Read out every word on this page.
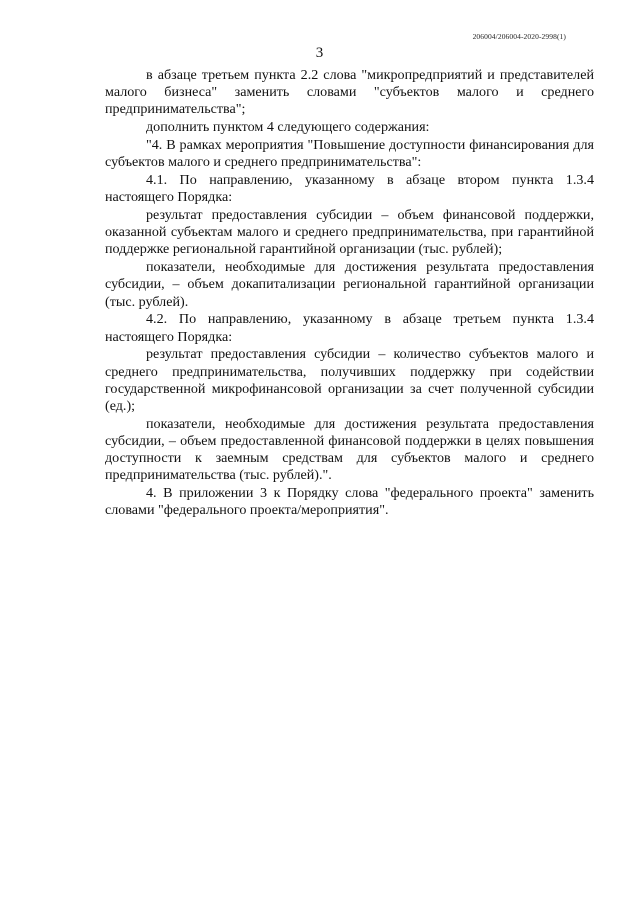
206004/206004-2020-2998(1)
3

в абзаце третьем пункта 2.2 слова "микропредприятий и представителей малого бизнеса" заменить словами "субъектов малого и среднего предпринимательства";

дополнить пунктом 4 следующего содержания:

"4. В рамках мероприятия "Повышение доступности финансирования для субъектов малого и среднего предпринимательства":

4.1. По направлению, указанному в абзаце втором пункта 1.3.4 настоящего Порядка:

результат предоставления субсидии – объем финансовой поддержки, оказанной субъектам малого и среднего предпринимательства, при гарантийной поддержке региональной гарантийной организации (тыс. рублей);

показатели, необходимые для достижения результата предоставления субсидии, – объем докапитализации региональной гарантийной организации (тыс. рублей).

4.2. По направлению, указанному в абзаце третьем пункта 1.3.4 настоящего Порядка:

результат предоставления субсидии – количество субъектов малого и среднего предпринимательства, получивших поддержку при содействии государственной микрофинансовой организации за счет полученной субсидии (ед.);

показатели, необходимые для достижения результата предоставления субсидии, – объем предоставленной финансовой поддержки в целях повышения доступности к заемным средствам для субъектов малого и среднего предпринимательства (тыс. рублей).".

4. В приложении 3 к Порядку слова "федерального проекта" заменить словами "федерального проекта/мероприятия".
